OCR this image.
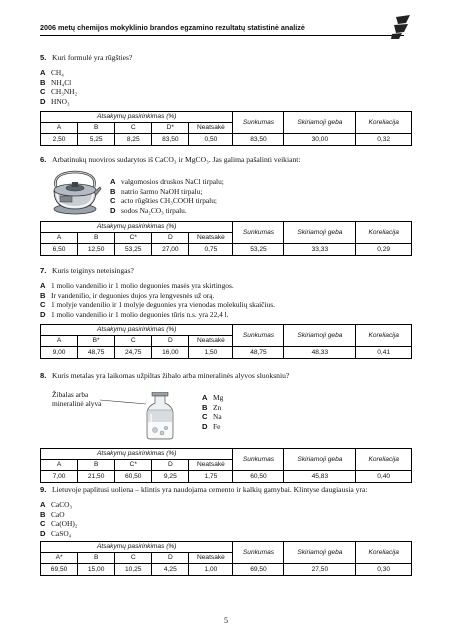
2006 metų chemijos mokyklinio brandos egzamino rezultatų statistinė analizė
5. Kuri formulė yra rūgšties?
A CH₄
B NH₄Cl
C CH₃NH₂
D HNO₃
Atsakymų pasirinkimas (%)					Sunkumas	Skiriamoji geba	Koreliacija
A	B	C	D*	Neatsakė			
2,50	5,25	8,25	83,50	0,50	83,50	30,00	0,32
6. Arbatinukų nuoviros sudarytos iš CaCO₃ ir MgCO₃. Jas galima pašalinti veikiant:
A valgomosios druskos NaCl tirpalu;
B natrio šarmo NaOH tirpalu;
C acto rūgšties CH₃COOH tirpalu;
D sodos Na₂CO₃ tirpalu.
Atsakymų pasirinkimas (%)					Sunkumas	Skiriamoji geba	Koreliacija
A	B	C*	D	Neatsakė			
6,50	12,50	53,25	27,00	0,75	53,25	33,33	0,29
7. Kuris teiginys neteisingas?
A 1 molio vandenilio ir 1 molio deguonies masės yra skirtingos.
B Ir vandenilio, ir deguonies dujos yra lengvesnės už orą.
C 1 molyje vandenilio ir 1 molyje deguonies yra vienodas molekulių skaičius.
D 1 molio vandenilio ir 1 molio deguonies tūris n.s. yra 22,4 l.
Atsakymų pasirinkimas (%)					Sunkumas	Skiriamoji geba	Koreliacija
A	B*	C	D	Neatsakė			
9,00	48,75	24,75	16,00	1,50	48,75	48,33	0,41
8. Kuris metalas yra laikomas užpiltas žibalo arba mineralinės alyvos sluoksniu?
Žibalas arba mineralinė alyva
A Mg
B Zn
C Na
D Fe
Atsakymų pasirinkimas (%)					Sunkumas	Skiriamoji geba	Koreliacija
A	B	C*	D	Neatsakė			
7,00	21,50	60,50	9,25	1,75	60,50	45,83	0,40
9. Lietuvoje paplitusi uoliena – klintis yra naudojama cemento ir kalkių gamybai. Klintyse daugiausia yra:
A CaCO₃
B CaO
C Ca(OH)₂
D CaSO₄
Atsakymų pasirinkimas (%)					Sunkumas	Skiriamoji geba	Koreliacija
A*	B	C	D	Neatsakė			
69,50	15,00	10,25	4,25	1,00	69,50	27,50	0,30
5
